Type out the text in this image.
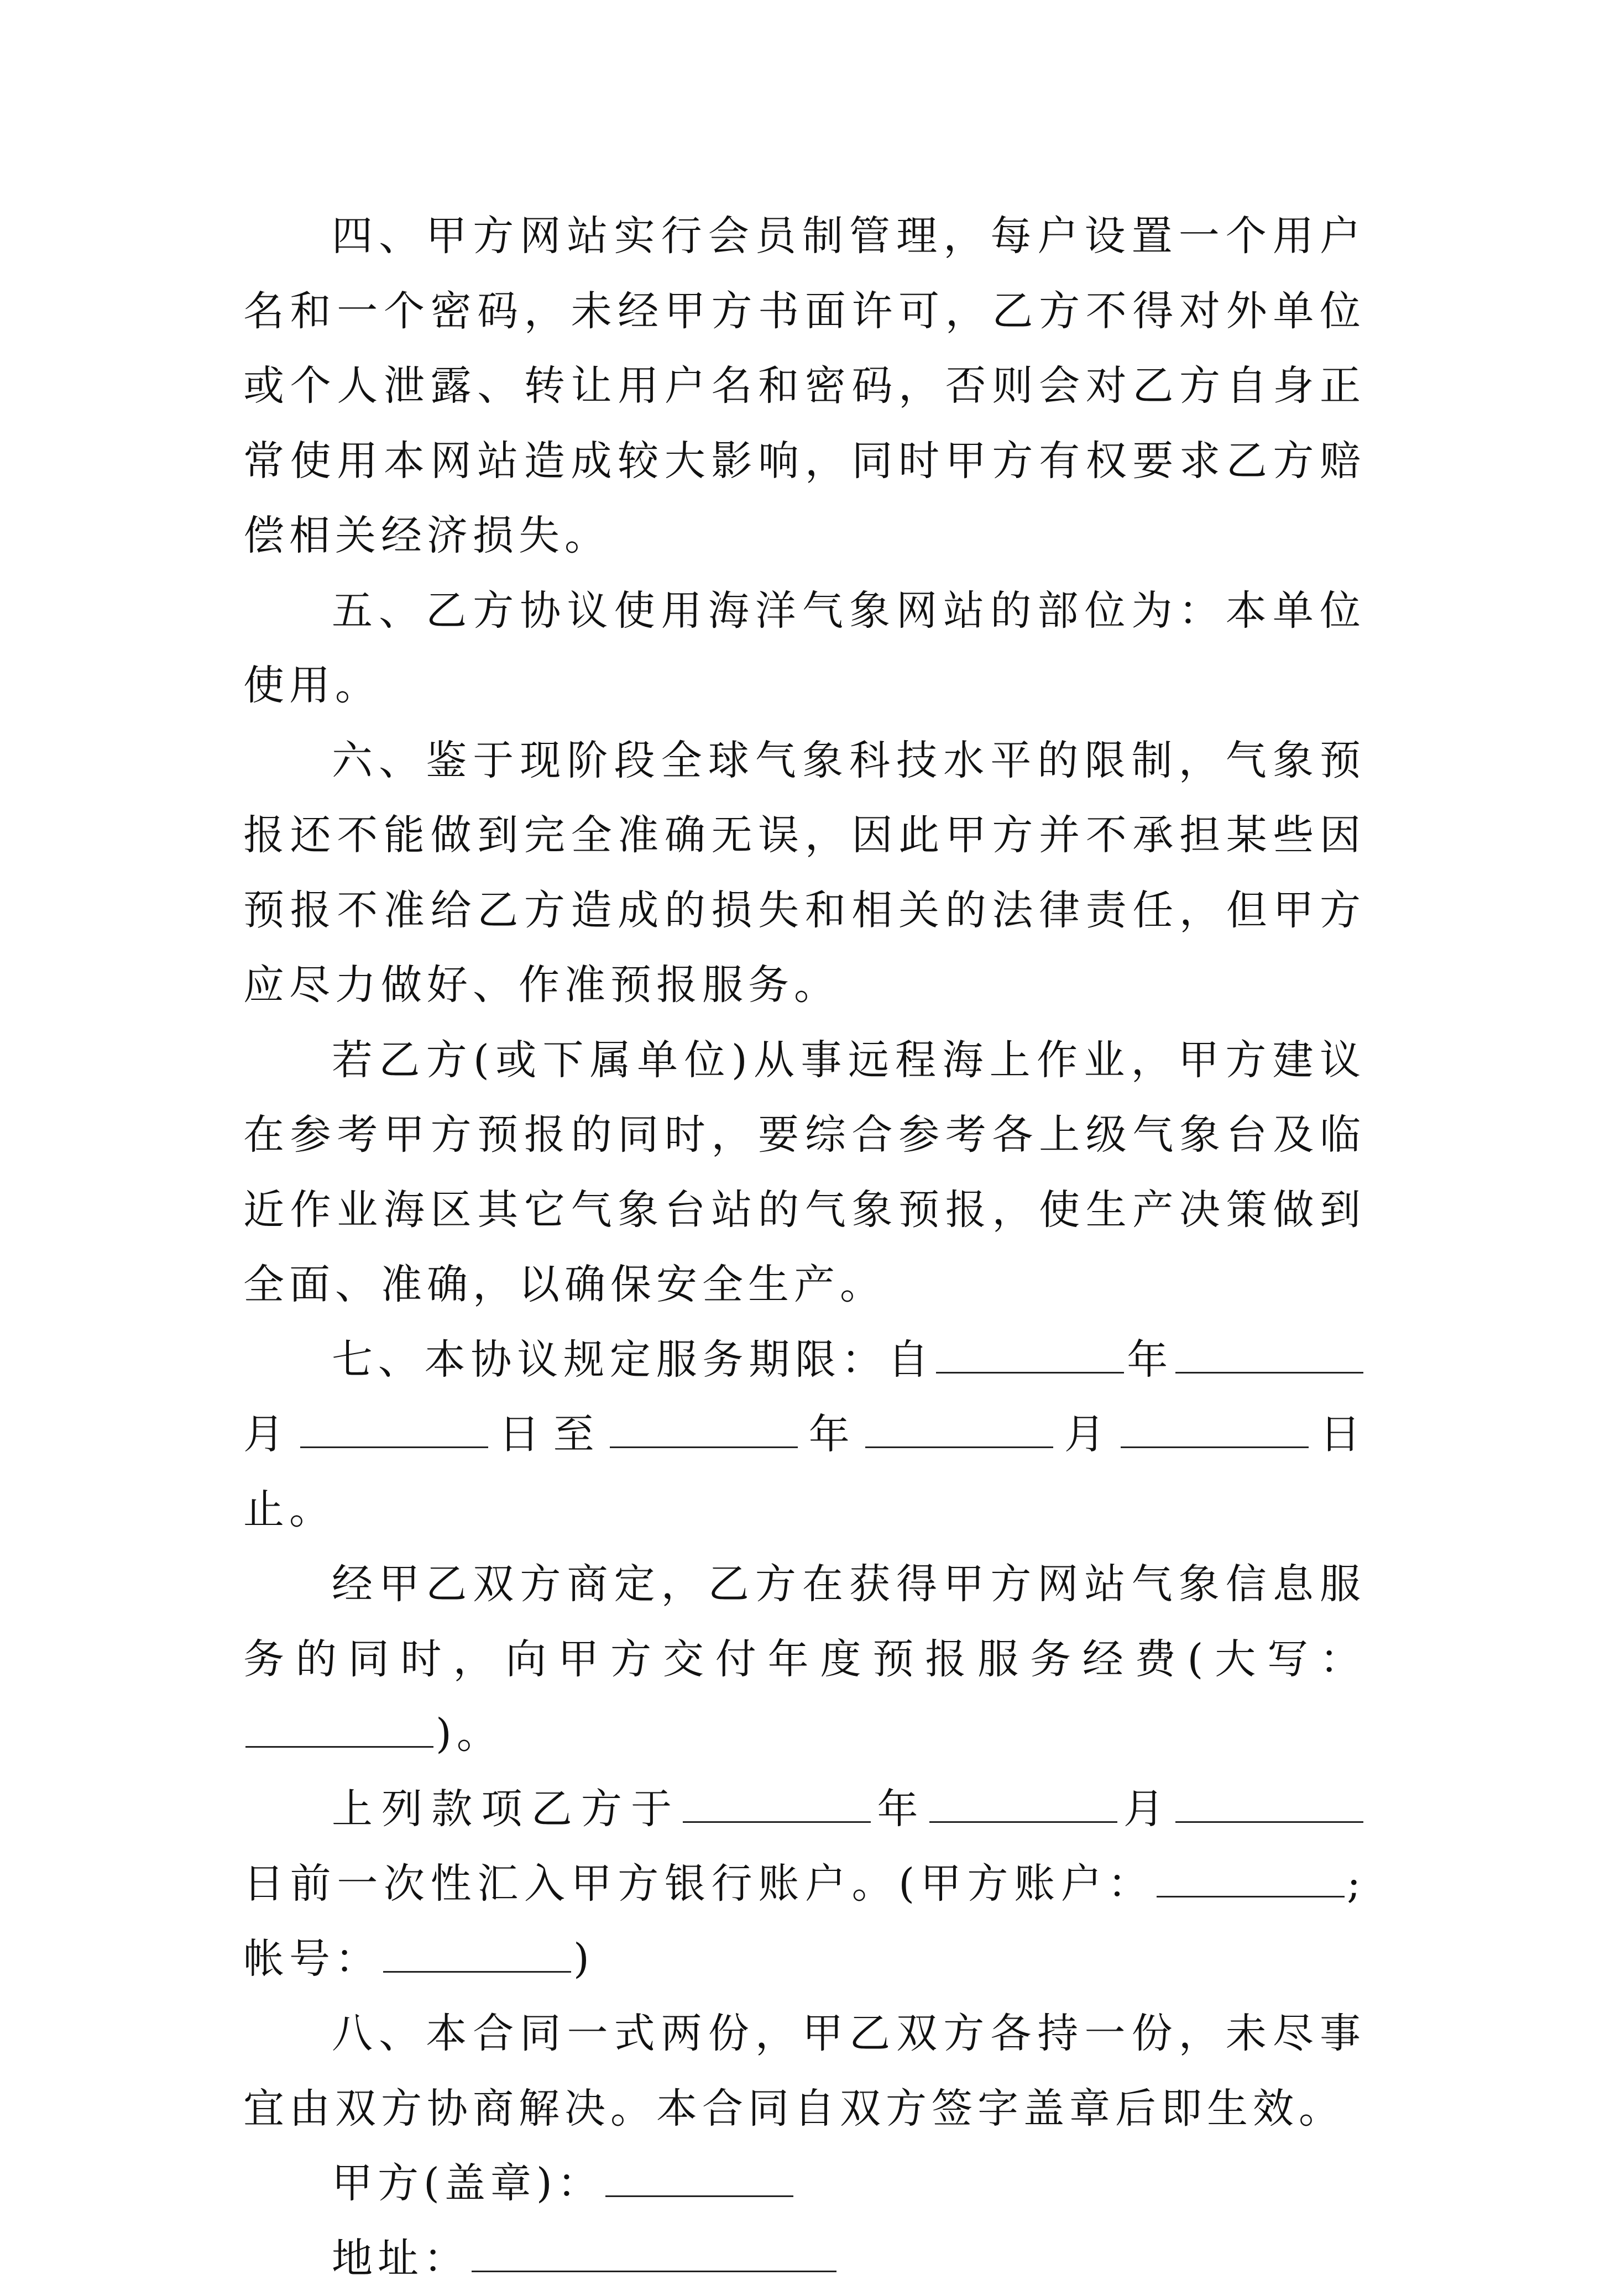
四、甲方网站实行会员制管理，每户设置一个用户名和一个密码，未经甲方书面许可，乙方不得对外单位或个人泄露、转让用户名和密码，否则会对乙方自身正常使用本网站造成较大影响，同时甲方有权要求乙方赔偿相关经济损失。

五、乙方协议使用海洋气象网站的部位为：本单位使用。

六、鉴于现阶段全球气象科技水平的限制，气象预报还不能做到完全准确无误，因此甲方并不承担某些因预报不准给乙方造成的损失和相关的法律责任，但甲方应尽力做好、作准预报服务。

若乙方(或下属单位)从事远程海上作业，甲方建议在参考甲方预报的同时，要综合参考各上级气象台及临近作业海区其它气象台站的气象预报，使生产决策做到全面、准确，以确保安全生产。

七、本协议规定服务期限：自	年月	日至	年	月	日止。

经甲乙双方商定，乙方在获得甲方网站气象信息服务的同时，向甲方交付年度预报服务经费(大写：)。

上列款项乙方于	年	月日前一次性汇入甲方银行账户。(甲方账户：	;帐号：	)

八、本合同一式两份，甲乙双方各持一份，未尽事宜由双方协商解决。本合同自双方签字盖章后即生效。

甲方(盖章)：

地址：
